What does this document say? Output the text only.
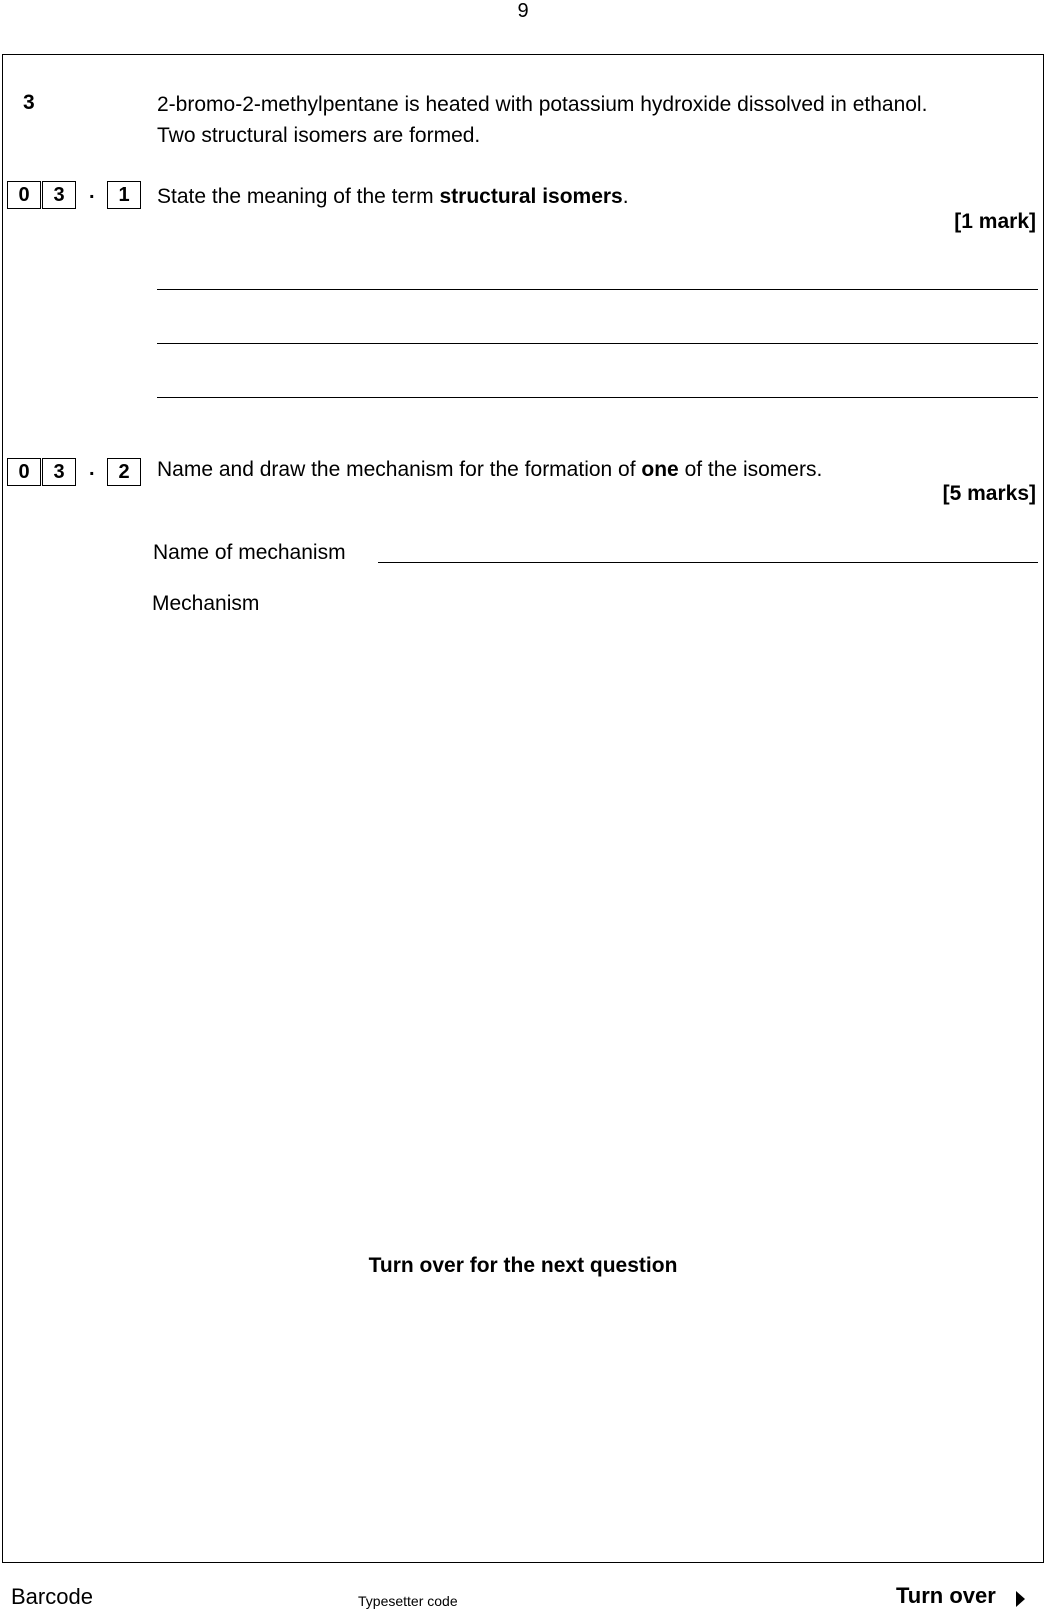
9
3	2-bromo-2-methylpentane is heated with potassium hydroxide dissolved in ethanol.
Two structural isomers are formed.
0	3	.	1	State the meaning of the term structural isomers.
[1 mark]
0	3	.	2	Name and draw the mechanism for the formation of one of the isomers.
[5 marks]
Name of mechanism
Mechanism
Turn over for the next question
Barcode	Typesetter code	Turn over
